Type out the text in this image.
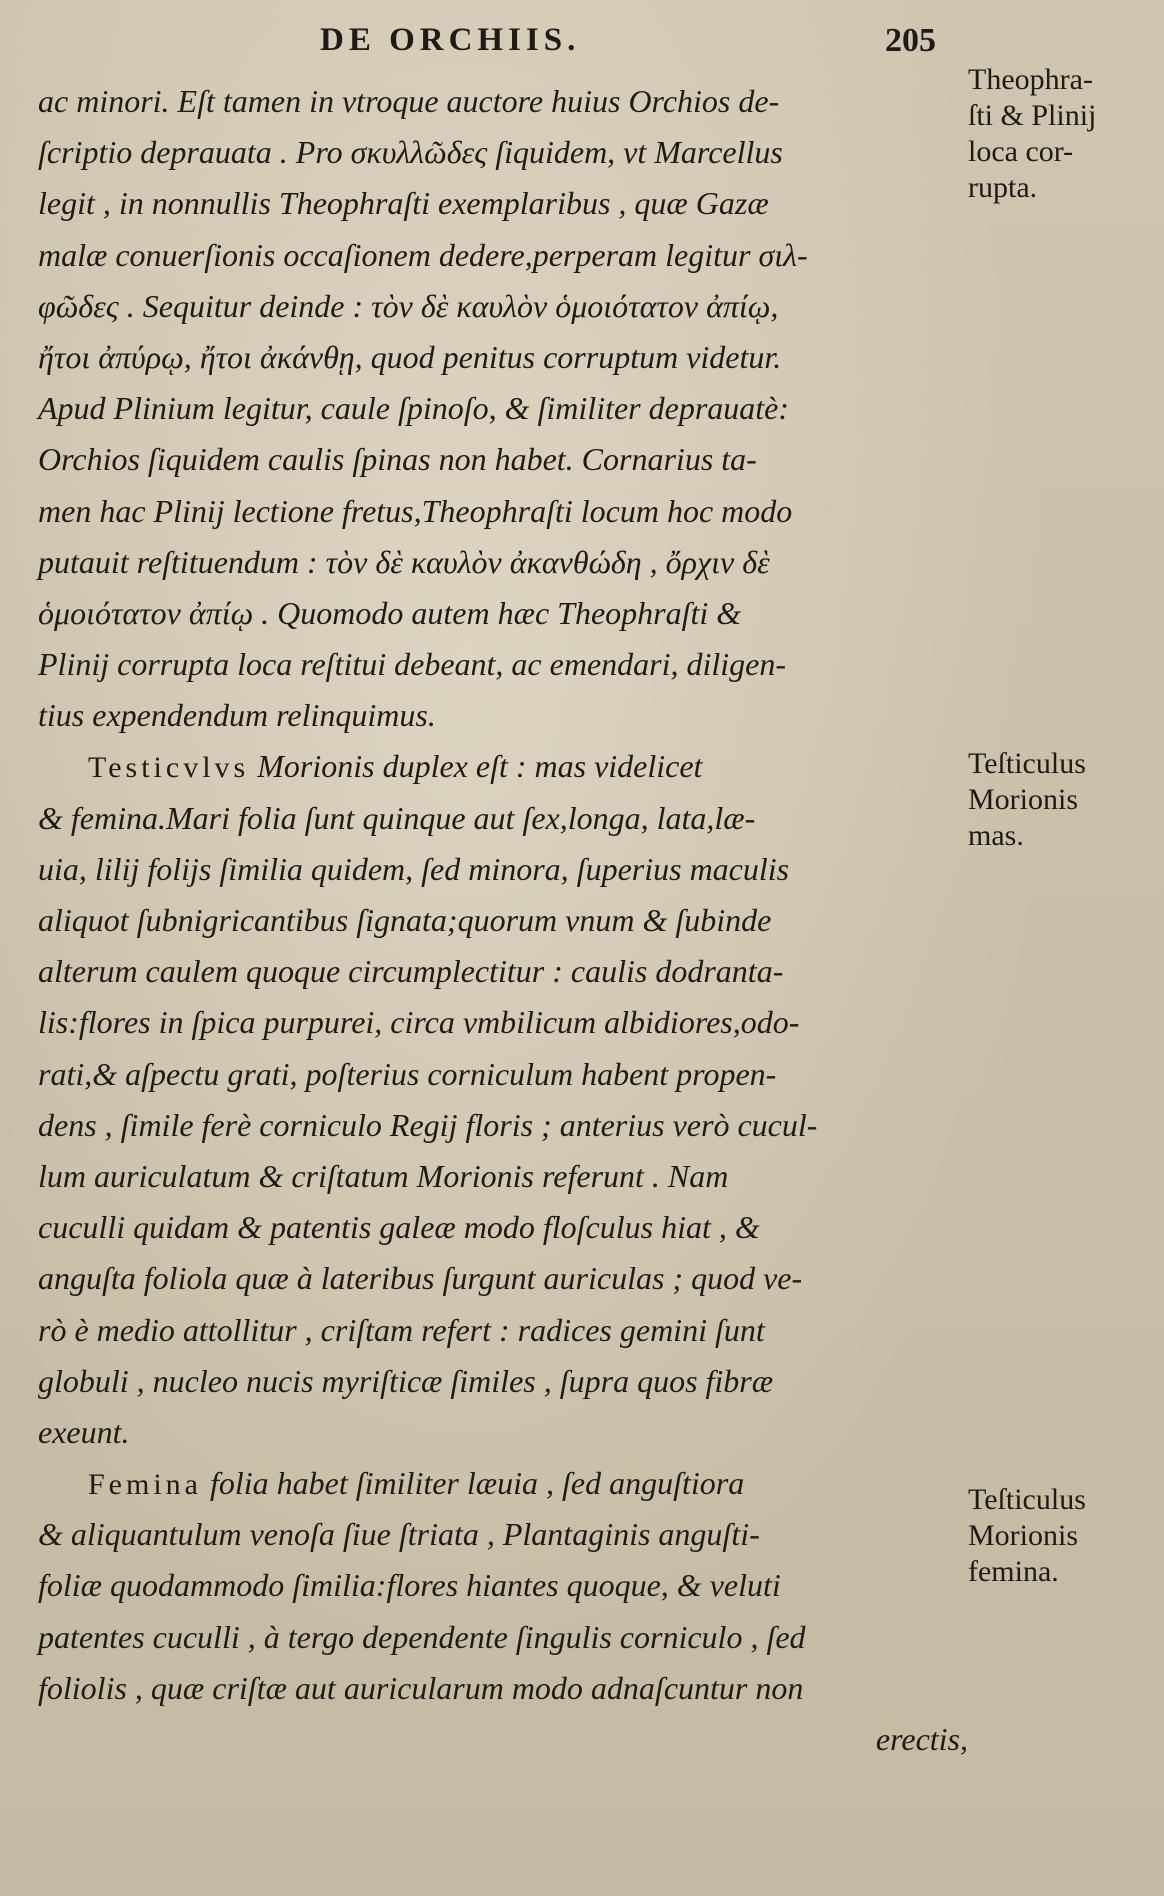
DE ORCHIIS.	205
ac minori. Eſt tamen in vtroque auctore huius Orchios de-
ſcriptio deprauata . Pro σκυλλῶδες ſiquidem, vt Marcellus
legit , in nonnullis Theophraſti exemplaribus , quæ Gazæ
malæ conuerſionis occaſionem dedere,perperam legitur σιλ-
φῶδες . Sequitur deinde : τὸν δὲ καυλὸν ὁμοιότατον ἀπίῳ,
ἤτοι ἀπύρῳ, ἤτοι ἀκάνθῃ, quod penitus corruptum videtur.
Apud Plinium legitur, caule ſpinoſo, & ſimiliter deprauatè:
Orchios ſiquidem caulis ſpinas non habet. Cornarius ta-
men hac Plinij lectione fretus,Theophraſti locum hoc modo
putauit reſtituendum : τὸν δὲ καυλὸν ἀκανθώδη , ὄρχιν δὲ
ὁμοιότατον ἀπίῳ . Quomodo autem hæc Theophraſti &
Plinij corrupta loca reſtitui debeant, ac emendari, diligen-
tius expendendum relinquimus.
Testicvlvs Morionis duplex eſt : mas videlicet
& femina.Mari folia ſunt quinque aut ſex,longa, lata,læ-
uia, lilij folijs ſimilia quidem, ſed minora, ſuperius maculis
aliquot ſubnigricantibus ſignata;quorum vnum & ſubinde
alterum caulem quoque circumplectitur : caulis dodranta-
lis:flores in ſpica purpurei, circa vmbilicum albidiores,odo-
rati,& aſpectu grati, poſterius corniculum habent propen-
dens , ſimile ferè corniculo Regij floris ; anterius verò cucul-
lum auriculatum & criſtatum Morionis referunt . Nam
cuculli quidam & patentis galeæ modo floſculus hiat , &
anguſta foliola quæ à lateribus ſurgunt auriculas ; quod ve-
rò è medio attollitur , criſtam refert : radices gemini ſunt
globuli , nucleo nucis myriſticæ ſimiles , ſupra quos fibræ
exeunt.
Femina folia habet ſimiliter læuia , ſed anguſtiora
& aliquantulum venoſa ſiue ſtriata , Plantaginis anguſti-
foliæ quodammodo ſimilia:flores hiantes quoque, & veluti
patentes cuculli , à tergo dependente ſingulis corniculo , ſed
foliolis , quæ criſtæ aut auricularum modo adnaſcuntur non
erectis,
Theophra-
ſti & Plinij
loca cor-
rupta.
Teſticulus
Morionis
mas.
Teſticulus
Morionis
femina.
